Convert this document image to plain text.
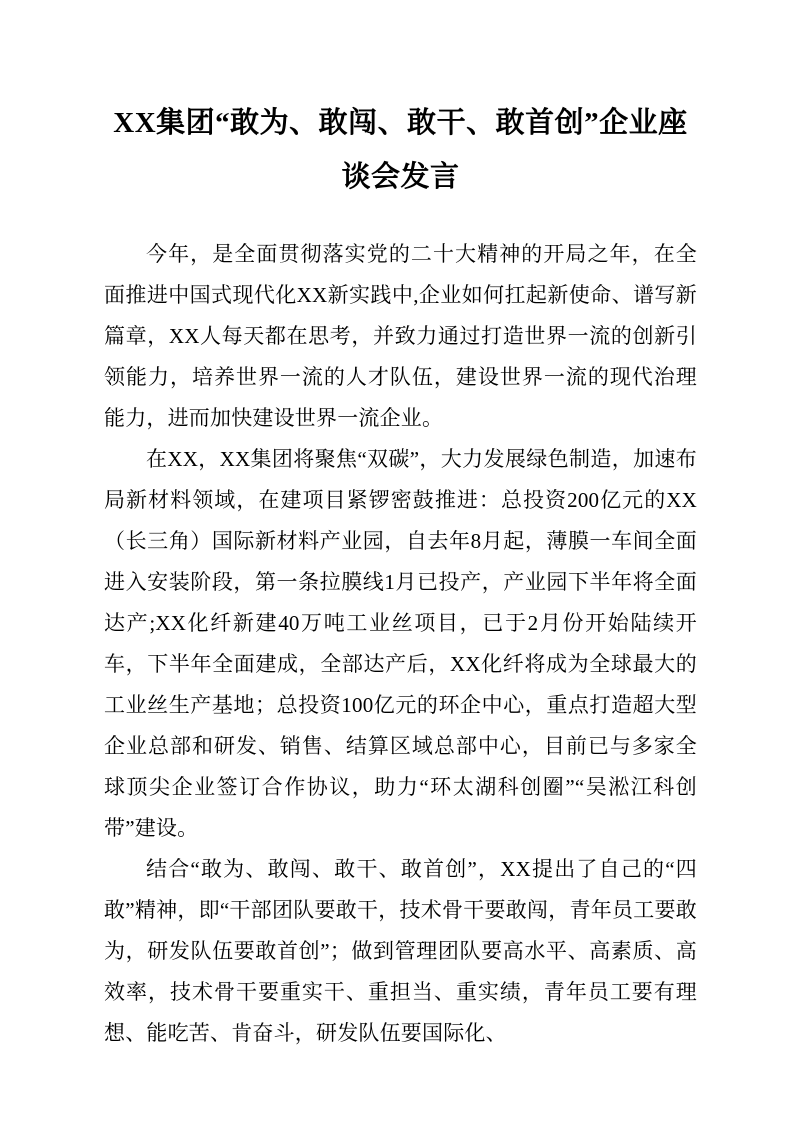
XX集团“敢为、敢闯、敢干、敢首创”企业座谈会发言

今年，是全面贯彻落实党的二十大精神的开局之年，在全面推进中国式现代化XX新实践中,企业如何扛起新使命、谱写新篇章，XX人每天都在思考，并致力通过打造世界一流的创新引领能力，培养世界一流的人才队伍，建设世界一流的现代治理能力，进而加快建设世界一流企业。

在XX，XX集团将聚焦“双碳”，大力发展绿色制造，加速布局新材料领域，在建项目紧锣密鼓推进：总投资200亿元的XX（长三角）国际新材料产业园，自去年8月起，薄膜一车间全面进入安装阶段，第一条拉膜线1月已投产，产业园下半年将全面达产;XX化纤新建40万吨工业丝项目，已于2月份开始陆续开车，下半年全面建成，全部达产后，XX化纤将成为全球最大的工业丝生产基地；总投资100亿元的环企中心，重点打造超大型企业总部和研发、销售、结算区域总部中心，目前已与多家全球顶尖企业签订合作协议，助力“环太湖科创圈”“吴淞江科创带”建设。

结合“敢为、敢闯、敢干、敢首创”，XX提出了自己的“四敢”精神，即“干部团队要敢干，技术骨干要敢闯，青年员工要敢为，研发队伍要敢首创”；做到管理团队要高水平、高素质、高效率，技术骨干要重实干、重担当、重实绩，青年员工要有理想、能吃苦、肯奋斗，研发队伍要国际化、
